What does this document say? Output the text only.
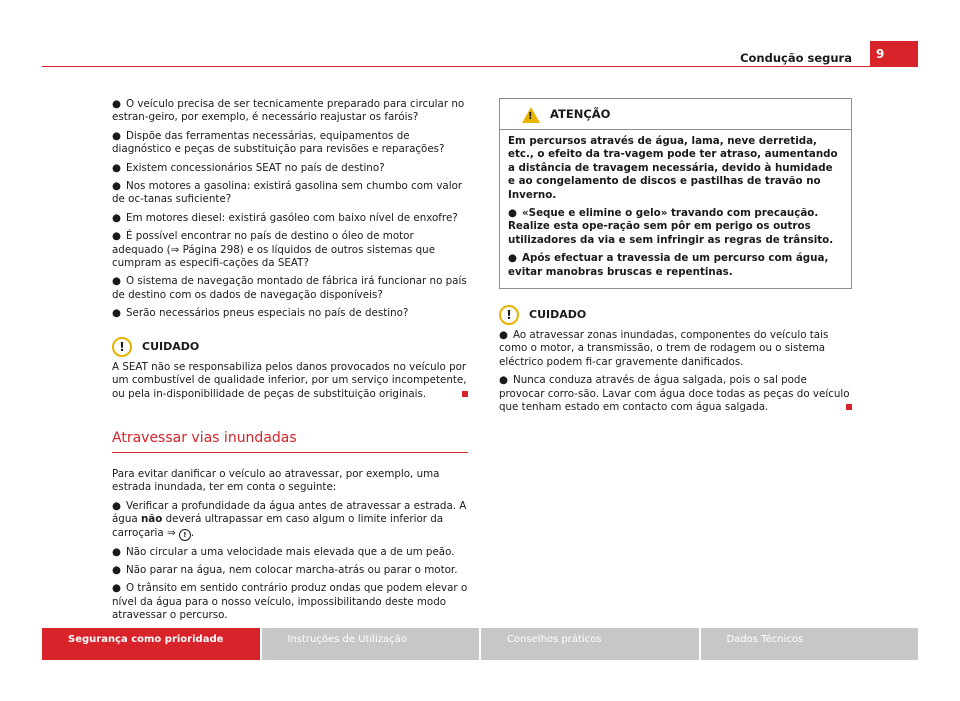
Condução segura	9
● O veículo precisa de ser tecnicamente preparado para circular no estran-geiro, por exemplo, é necessário reajustar os faróis?
● Dispõe das ferramentas necessárias, equipamentos de diagnóstico e peças de substituição para revisões e reparações?
● Existem concessionários SEAT no país de destino?
● Nos motores a gasolina: existirá gasolina sem chumbo com valor de oc-tanas suficiente?
● Em motores diesel: existirá gasóleo com baixo nível de enxofre?
● É possível encontrar no país de destino o óleo de motor adequado (⇒ Página 298) e os líquidos de outros sistemas que cumpram as especifi-cações da SEAT?
● O sistema de navegação montado de fábrica irá funcionar no país de destino com os dados de navegação disponíveis?
● Serão necessários pneus especiais no país de destino?
!	CUIDADO

A SEAT não se responsabiliza pelos danos provocados no veículo por um combustível de qualidade inferior, por um serviço incompetente, ou pela in-disponibilidade de peças de substituição originais.

Atravessar vias inundadas

Para evitar danificar o veículo ao atravessar, por exemplo, uma estrada inundada, ter em conta o seguinte:

● Verificar a profundidade da água antes de atravessar a estrada. A água não deverá ultrapassar em caso algum o limite inferior da carroçaria ⇒ ! .
● Não circular a uma velocidade mais elevada que a de um peão.
● Não parar na água, nem colocar marcha-atrás ou parar o motor.
● O trânsito em sentido contrário produz ondas que podem elevar o nível da água para o nosso veículo, impossibilitando deste modo atravessar o percurso.
! ATENÇÃO

Em percursos através de água, lama, neve derretida, etc., o efeito da tra-vagem pode ter atraso, aumentando a distância de travagem necessária, devido à humidade e ao congelamento de discos e pastilhas de travão no Inverno.

● «Seque e elimine o gelo» travando com precaução. Realize esta ope-ração sem pôr em perigo os outros utilizadores da via e sem infringir as regras de trânsito.
● Após efectuar a travessia de um percurso com água, evitar manobras bruscas e repentinas.
!	CUIDADO
● Ao atravessar zonas inundadas, componentes do veículo tais como o motor, a transmissão, o trem de rodagem ou o sistema eléctrico podem fi-car gravemente danificados.
● Nunca conduza através de água salgada, pois o sal pode provocar corro-são. Lavar com água doce todas as peças do veículo que tenham estado em contacto com água salgada.
Segurança como prioridade	Instruções de Utilização	Conselhos práticos	Dados Técnicos
